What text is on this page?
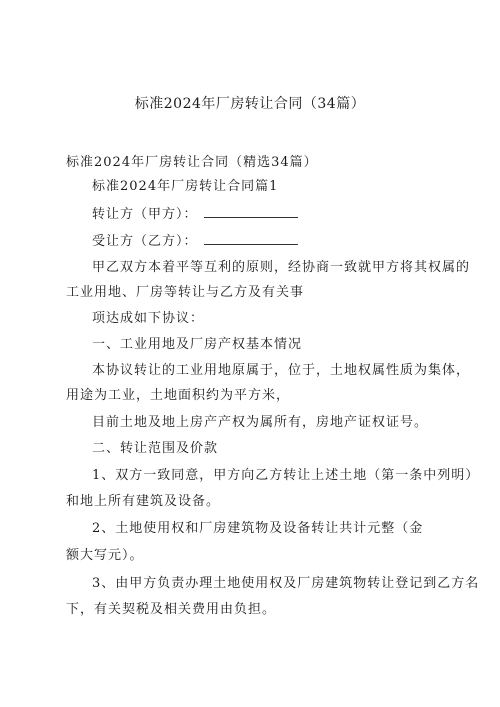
标准2024年厂房转让合同（34篇）
标准2024年厂房转让合同（精选34篇）
标准2024年厂房转让合同篇1
转让方（甲方）：
受让方（乙方）：
甲乙双方本着平等互利的原则，经协商一致就甲方将其权属的
工业用地、厂房等转让与乙方及有关事
项达成如下协议：
一、工业用地及厂房产权基本情况
本协议转让的工业用地原属于，位于，土地权属性质为集体，
用途为工业，土地面积约为平方米，
目前土地及地上房产产权为属所有，房地产证权证号。
二、转让范围及价款
1、双方一致同意，甲方向乙方转让上述土地（第一条中列明）
和地上所有建筑及设备。
2、土地使用权和厂房建筑物及设备转让共计元整（金
额大写元）。
3、由甲方负责办理土地使用权及厂房建筑物转让登记到乙方名
下，有关契税及相关费用由负担。
